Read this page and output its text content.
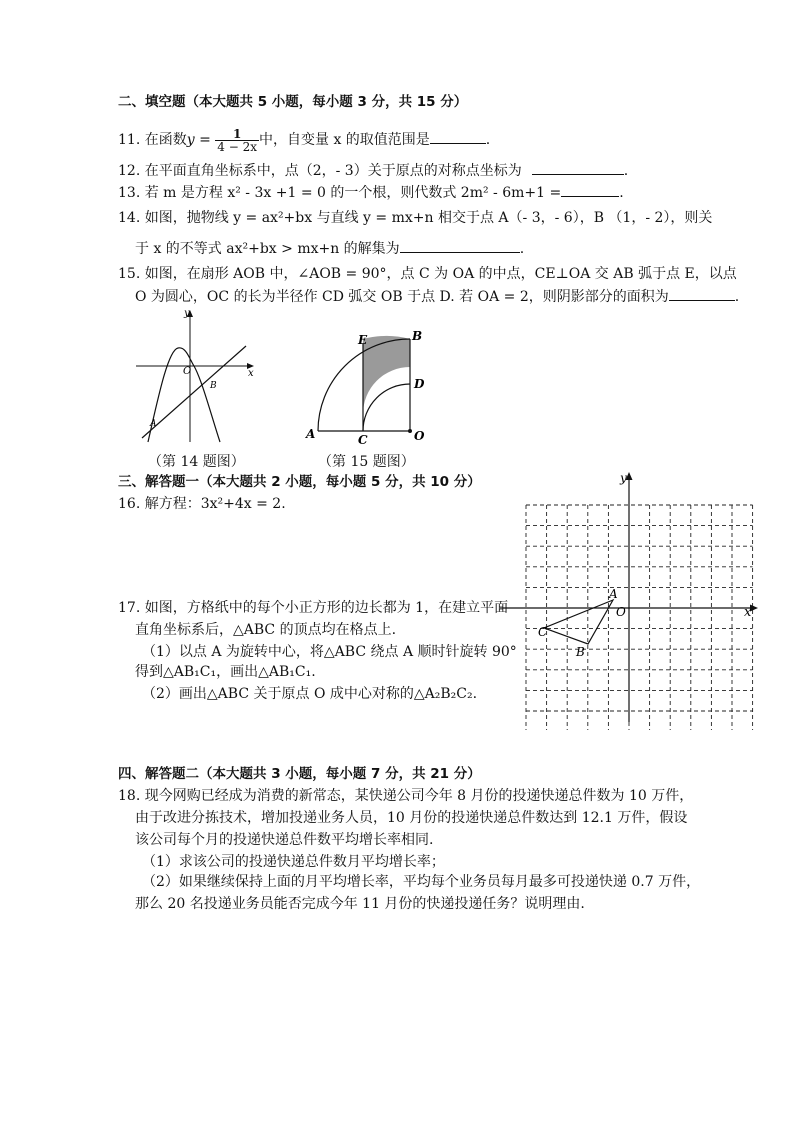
二、填空题（本大题共 5 小题，每小题 3 分，共 15 分）
11. 在函数$y = \frac{1}{4 - 2x}$ 中，自变量 x 的取值范围是	.
12. 在平面直角坐标系中，点（2，- 3）关于原点的对称点坐标为	.
13. 若 m 是方程 x² - 3x +1 = 0 的一个根，则代数式 2m² - 6m+1 =	.
14. 如图，抛物线 y = ax²+bx 与直线 y = mx+n 相交于点 A（- 3，- 6），B （1，- 2），则关
于 x 的不等式 ax²+bx > mx+n 的解集为	.
15. 如图，在扇形 AOB 中，∠AOB = 90°，点 C 为 OA 的中点，CE⊥OA 交 AB 弧于点 E，以点
O 为圆心，OC 的长为半径作 CD 弧交 OB 于点 D. 若 OA = 2，则阴影部分的面积为	.
y
x
O
A
B
（第 14 题图）
E	B
D
A	C	O
（第 15 题图）
三、解答题一（本大题共 2 小题，每小题 5 分，共 10 分）
16. 解方程：3x²+4x = 2.
17. 如图，方格纸中的每个小正方形的边长都为 1，在建立平面
直角坐标系后，△ABC 的顶点均在格点上.
（1）以点 A 为旋转中心，将△ABC 绕点 A 顺时针旋转 90°
得到△AB₁C₁，画出△AB₁C₁.
（2）画出△ABC 关于原点 O 成中心对称的△A₂B₂C₂.
y
x
A
O
C
B
四、解答题二（本大题共 3 小题，每小题 7 分，共 21 分）
18. 现今网购已经成为消费的新常态，某快递公司今年 8 月份的投递快递总件数为 10 万件，
由于改进分拣技术，增加投递业务人员，10 月份的投递快递总件数达到 12.1 万件，假设
该公司每个月的投递快递总件数平均增长率相同.
（1）求该公司的投递快递总件数月平均增长率；
（2）如果继续保持上面的月平均增长率，平均每个业务员每月最多可投递快递 0.7 万件，
那么 20 名投递业务员能否完成今年 11 月份的快递投递任务？说明理由.
